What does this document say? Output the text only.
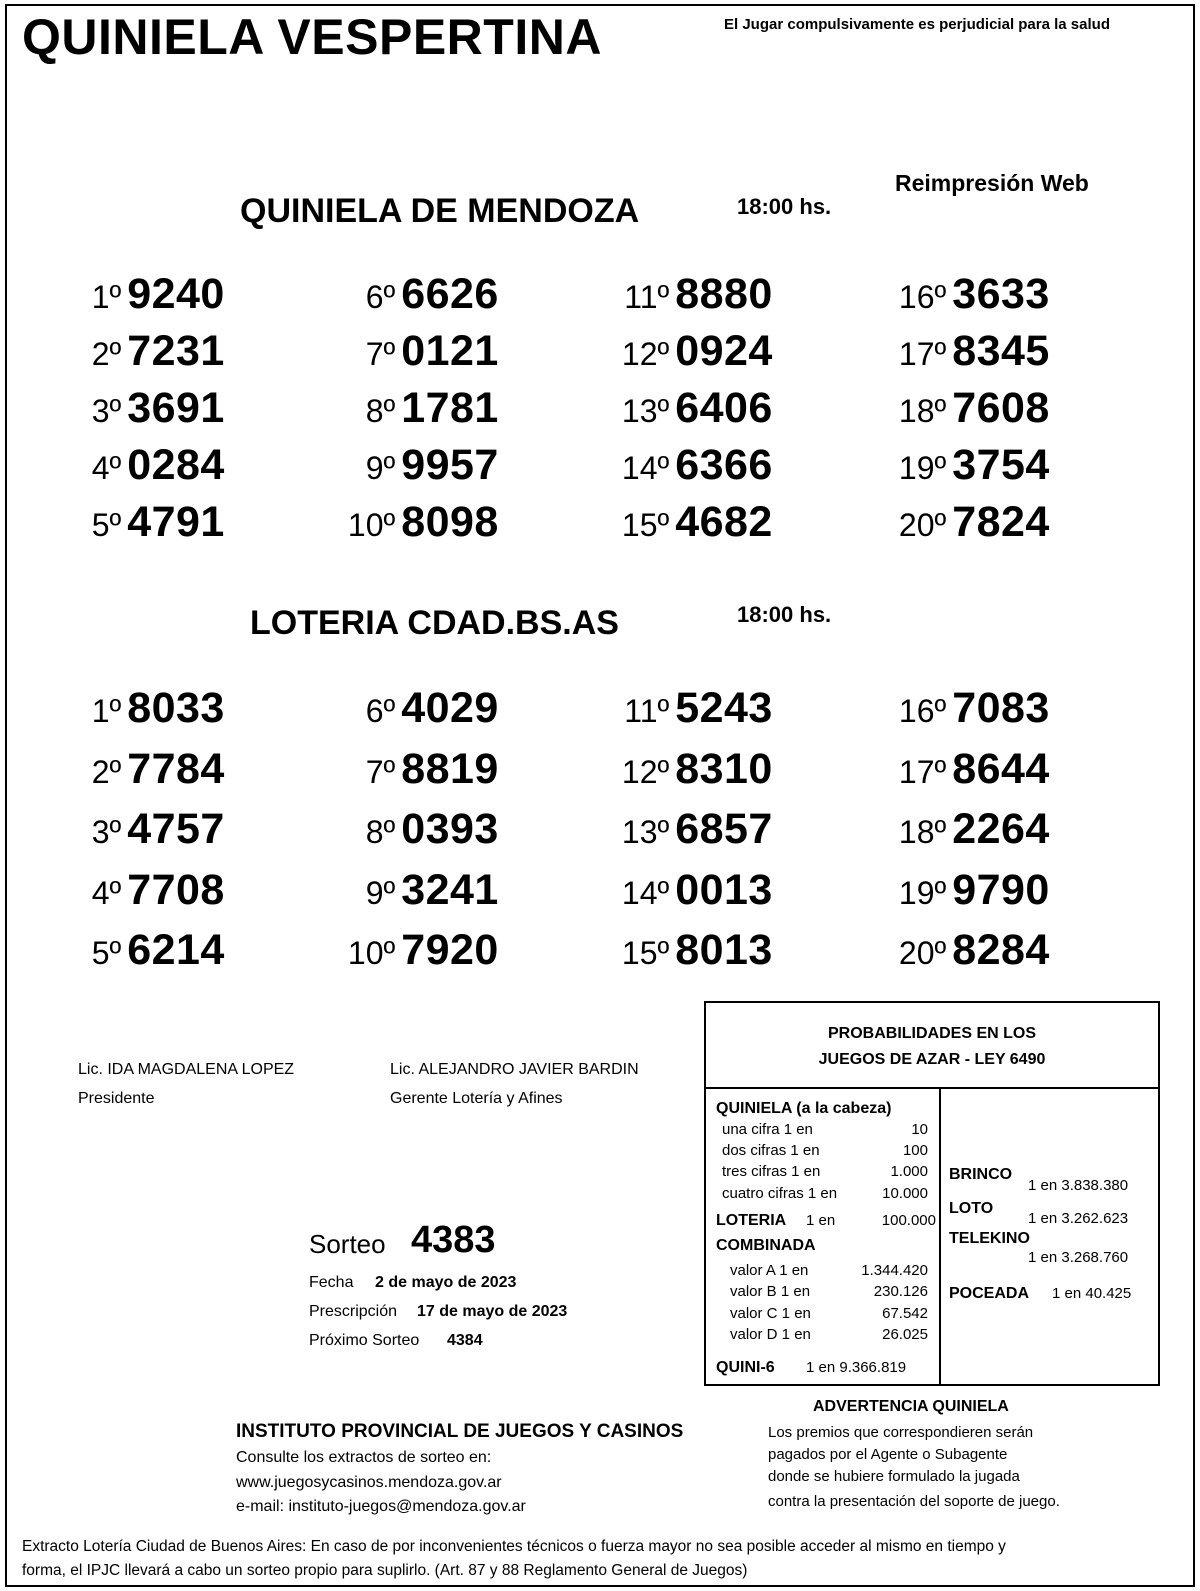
QUINIELA VESPERTINA	El Jugar compulsivamente es perjudicial para la salud
Reimpresión Web
QUINIELA DE MENDOZA	18:00 hs.
1º 9240
2º 7231
3º 3691
4º 0284
5º 4791
6º 6626
7º 0121
8º 1781
9º 9957
10º 8098
11º 8880
12º 0924
13º 6406
14º 6366
15º 4682
16º 3633
17º 8345
18º 7608
19º 3754
20º 7824
LOTERIA CDAD.BS.AS	18:00 hs.
1º 8033
2º 7784
3º 4757
4º 7708
5º 6214
6º 4029
7º 8819
8º 0393
9º 3241
10º 7920
11º 5243
12º 8310
13º 6857
14º 0013
15º 8013
16º 7083
17º 8644
18º 2264
19º 9790
20º 8284
Lic. IDA MAGDALENA LOPEZ
Presidente
Lic. ALEJANDRO JAVIER BARDIN
Gerente Lotería y Afines
PROBABILIDADES EN LOS
JUEGOS DE AZAR - LEY 6490
QUINIELA (a la cabeza)
una cifra 1 en	10
dos cifras 1 en	100
tres cifras 1 en	1.000
cuatro cifras 1 en	10.000
LOTERIA 1 en	100.000
COMBINADA
valor A 1 en	1.344.420
valor B 1 en	230.126
valor C 1 en	67.542
valor D 1 en	26.025
QUINI-6 1 en 9.366.819
BRINCO
1 en 3.838.380
LOTO
1 en 3.262.623
TELEKINO
1 en 3.268.760
POCEADA 1 en 40.425
Sorteo 4383
Fecha 2 de mayo de 2023
Prescripción 17 de mayo de 2023
Próximo Sorteo 4384
INSTITUTO PROVINCIAL DE JUEGOS Y CASINOS
Consulte los extractos de sorteo en:
www.juegosycasinos.mendoza.gov.ar
e-mail: instituto-juegos@mendoza.gov.ar
ADVERTENCIA QUINIELA
Los premios que correspondieren serán
pagados por el Agente o Subagente
donde se hubiere formulado la jugada
contra la presentación del soporte de juego.
Extracto Lotería Ciudad de Buenos Aires: En caso de por inconvenientes técnicos o fuerza mayor no sea posible acceder al mismo en tiempo y
forma, el IPJC llevará a cabo un sorteo propio para suplirlo. (Art. 87 y 88 Reglamento General de Juegos)
